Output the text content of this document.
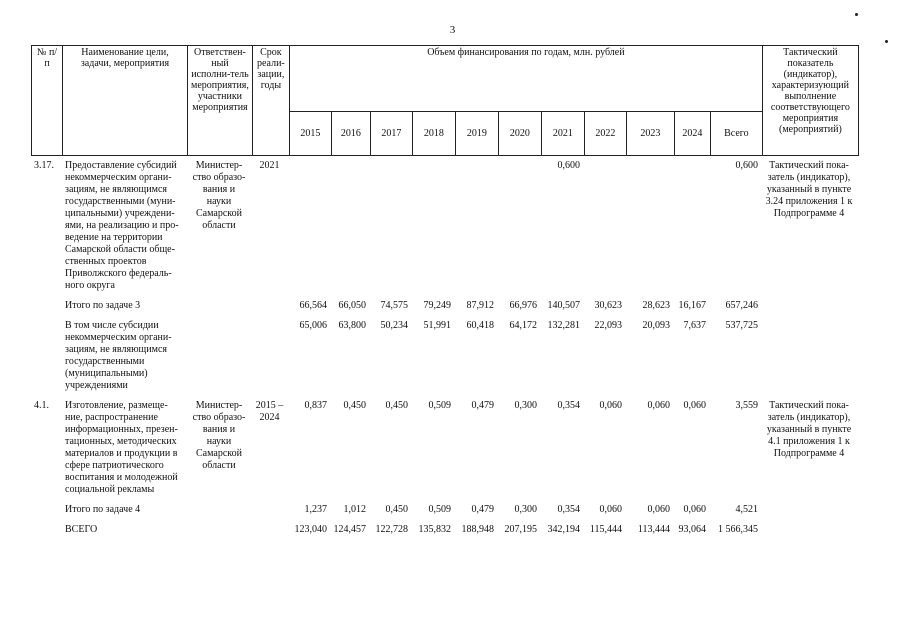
3
№ п/п	Наименование цели, задачи, мероприятия	Ответствен-ный исполни-тель мероприятия, участники мероприятия	Срок реали-зации, годы	Объем финансирования по годам, млн. рублей											Тактический показатель (индикатор), характеризующий выполнение соответствующего мероприятия (мероприятий)
				2015	2016	2017	2018	2019	2020	2021	2022	2023	2024	Всего	
3.17.	Предоставление субсидий некоммерческим органи-зациям, не являющимся государственными (муни-ципальными) учреждени-ями, на реализацию и про-ведение на территории Самарской области обще-ственных проектов Приволжского федераль-ного округа	Министер-ство образо-вания и науки Самарской области	2021							0,600				0,600	Тактический пока-затель (индикатор), указанный в пункте 3.24 приложения 1 к Подпрограмме 4

	Итого по задаче 3			66,564	66,050	74,575	79,249	87,912	66,976	140,507	30,623	28,623	16,167	657,246	

	В том числе субсидии некоммерческим органи-зациям, не являющимся государственными (муниципальными) учреждениями			65,006	63,800	50,234	51,991	60,418	64,172	132,281	22,093	20,093	7,637	537,725	

4.1.	Изготовление, размеще-ние, распространение информационных, презен-тационных, методических материалов и продукции в сфере патриотического воспитания и молодежной социальной рекламы	Министер-ство образо-вания и науки Самарской области	2015 – 2024	0,837	0,450	0,450	0,509	0,479	0,300	0,354	0,060	0,060	0,060	3,559	Тактический пока-затель (индикатор), указанный в пункте 4.1 приложения 1 к Подпрограмме 4

	Итого по задаче 4			1,237	1,012	0,450	0,509	0,479	0,300	0,354	0,060	0,060	0,060	4,521	

	ВСЕГО			123,040	124,457	122,728	135,832	188,948	207,195	342,194	115,444	113,444	93,064	1 566,345	
